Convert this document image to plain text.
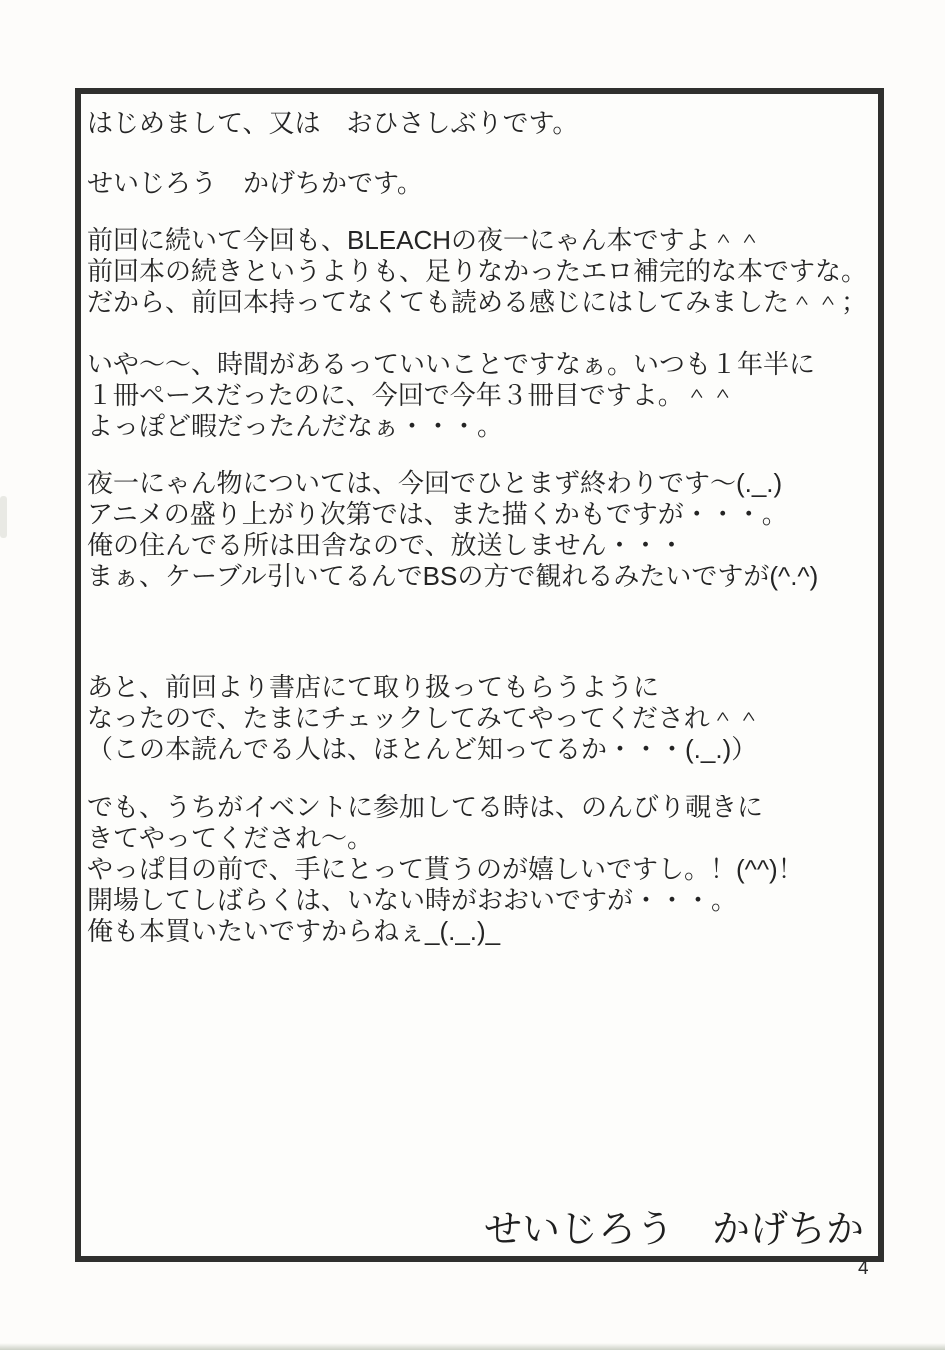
はじめまして、又は　おひさしぶりです。
せいじろう　かげちかです。
前回に続いて今回も、BLEACHの夜一にゃん本ですよ＾＾
前回本の続きというよりも、足りなかったエロ補完的な本ですな。
だから、前回本持ってなくても読める感じにはしてみました＾＾；
いや～～、時間があるっていいことですなぁ。いつも１年半に
１冊ペースだったのに、今回で今年３冊目ですよ。＾＾
よっぽど暇だったんだなぁ・・・。
夜一にゃん物については、今回でひとまず終わりです～(._.)
アニメの盛り上がり次第では、また描くかもですが・・・。
俺の住んでる所は田舎なので、放送しません・・・
まぁ、ケーブル引いてるんでBSの方で観れるみたいですが(^.^)
あと、前回より書店にて取り扱ってもらうように
なったので、たまにチェックしてみてやってくだされ＾＾
（この本読んでる人は、ほとんど知ってるか・・・(._.)）
でも、うちがイベントに参加してる時は、のんびり覗きに
きてやってくだされ～。
やっぱ目の前で、手にとって貰うのが嬉しいですし。！(^^)！
開場してしばらくは、いない時がおおいですが・・・。
俺も本買いたいですからねぇ_(._.)_
せいじろう　かげちか
4
